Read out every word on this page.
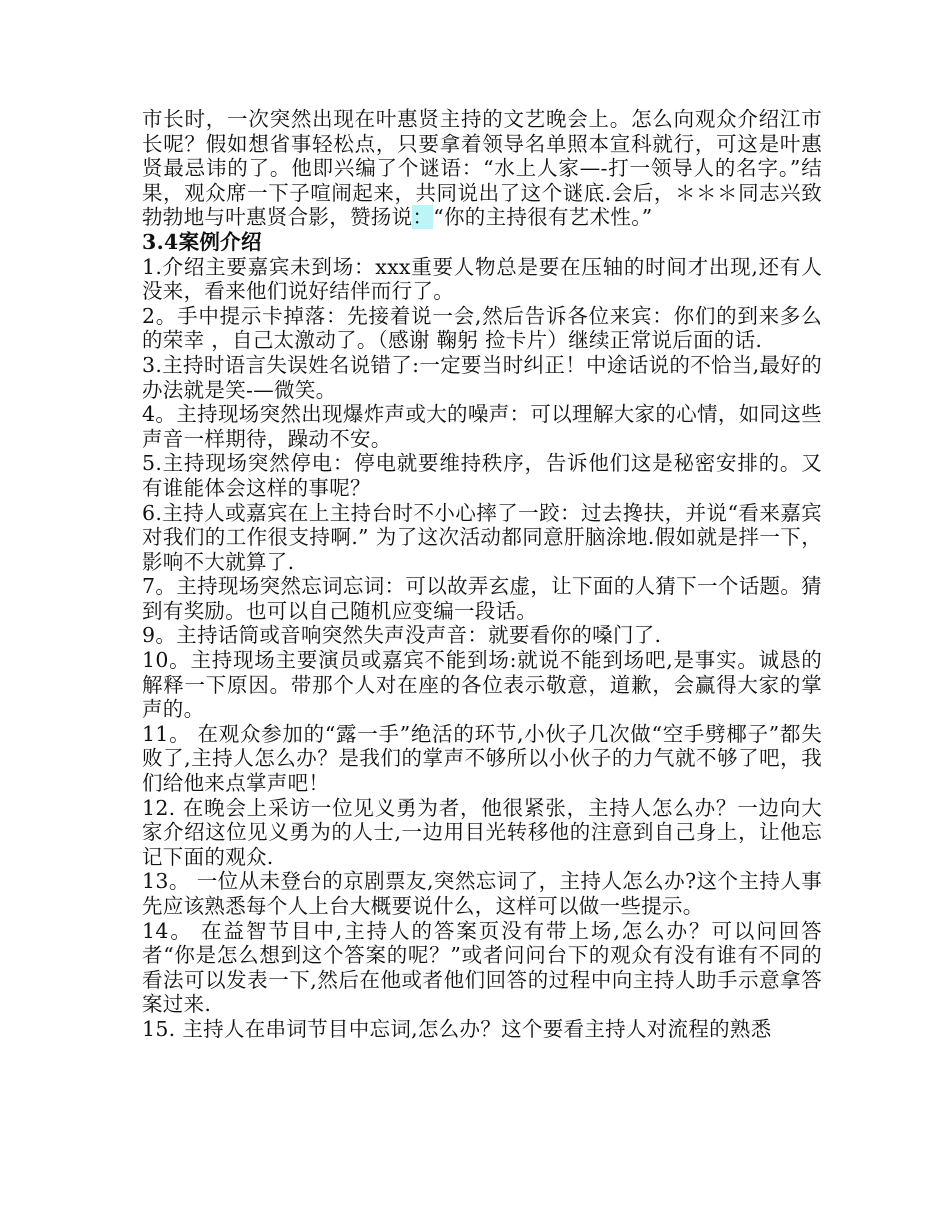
市长时，一次突然出现在叶惠贤主持的文艺晚会上。怎么向观众介绍江市长呢？假如想省事轻松点，只要拿着领导名单照本宣科就行，可这是叶惠贤最忌讳的了。他即兴编了个谜语：“水上人家—-打一领导人的名字。”结果，观众席一下子喧闹起来，共同说出了这个谜底.会后，＊＊＊同志兴致勃勃地与叶惠贤合影，赞扬说：“你的主持很有艺术性。”

3.4案例介绍

1.介绍主要嘉宾未到场：xxx重要人物总是要在压轴的时间才出现,还有人没来，看来他们说好结伴而行了。

2。手中提示卡掉落：先接着说一会,然后告诉各位来宾：你们的到来多么的荣幸 ，自己太激动了。（感谢 鞠躬 捡卡片）继续正常说后面的话.

3.主持时语言失误姓名说错了:一定要当时纠正！中途话说的不恰当,最好的办法就是笑-—微笑。

4。主持现场突然出现爆炸声或大的噪声：可以理解大家的心情，如同这些声音一样期待，躁动不安。

5.主持现场突然停电：停电就要维持秩序，告诉他们这是秘密安排的。又有谁能体会这样的事呢？

6.主持人或嘉宾在上主持台时不小心摔了一跤：过去搀扶，并说“看来嘉宾对我们的工作很支持啊.” 为了这次活动都同意肝脑涂地.假如就是拌一下，影响不大就算了.

7。主持现场突然忘词忘词：可以故弄玄虚，让下面的人猜下一个话题。猜到有奖励。也可以自己随机应变编一段话。

9。主持话筒或音响突然失声没声音：就要看你的嗓门了.

10。主持现场主要演员或嘉宾不能到场:就说不能到场吧,是事实。诚恳的解释一下原因。带那个人对在座的各位表示敬意，道歉，会赢得大家的掌声的。

11。 在观众参加的“露一手”绝活的环节,小伙子几次做“空手劈椰子”都失败了,主持人怎么办？是我们的掌声不够所以小伙子的力气就不够了吧，我们给他来点掌声吧！

12. 在晚会上采访一位见义勇为者，他很紧张，主持人怎么办？一边向大家介绍这位见义勇为的人士,一边用目光转移他的注意到自己身上，让他忘记下面的观众.

13。 一位从未登台的京剧票友,突然忘词了，主持人怎么办?这个主持人事先应该熟悉每个人上台大概要说什么，这样可以做一些提示。

14。 在益智节目中,主持人的答案页没有带上场,怎么办？可以问回答者“你是怎么想到这个答案的呢？”或者问问台下的观众有没有谁有不同的看法可以发表一下,然后在他或者他们回答的过程中向主持人助手示意拿答案过来.

15. 主持人在串词节目中忘词,怎么办？这个要看主持人对流程的熟悉
